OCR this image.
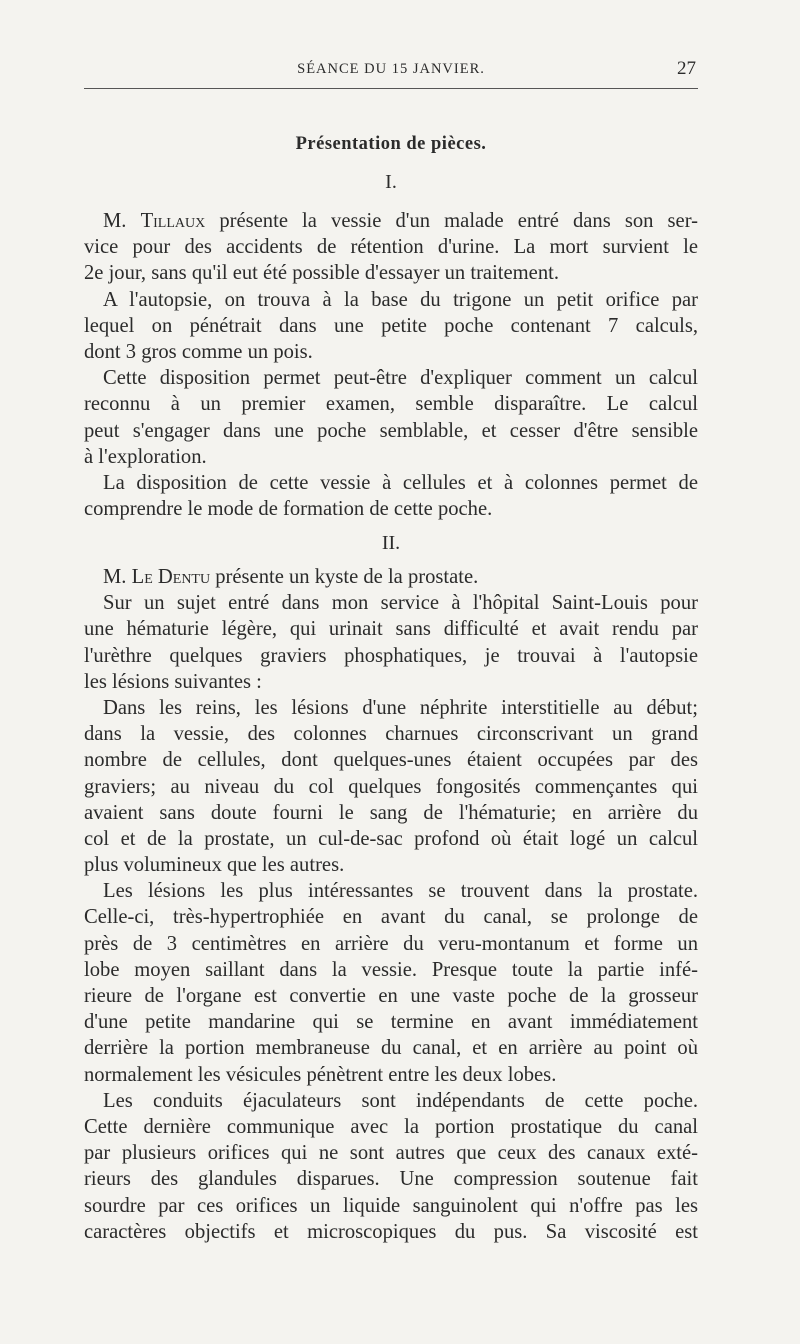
SÉANCE DU 15 JANVIER.	27
Présentation de pièces.
I.
M. Tillaux présente la vessie d'un malade entré dans son ser-
vice pour des accidents de rétention d'urine. La mort survient le
2e jour, sans qu'il eut été possible d'essayer un traitement.
A l'autopsie, on trouva à la base du trigone un petit orifice par
lequel on pénétrait dans une petite poche contenant 7 calculs,
dont 3 gros comme un pois.
Cette disposition permet peut-être d'expliquer comment un calcul
reconnu à un premier examen, semble disparaître. Le calcul
peut s'engager dans une poche semblable, et cesser d'être sensible
à l'exploration.
La disposition de cette vessie à cellules et à colonnes permet de
comprendre le mode de formation de cette poche.
II.
M. Le Dentu présente un kyste de la prostate.
Sur un sujet entré dans mon service à l'hôpital Saint-Louis pour
une hématurie légère, qui urinait sans difficulté et avait rendu par
l'urèthre quelques graviers phosphatiques, je trouvai à l'autopsie
les lésions suivantes :
Dans les reins, les lésions d'une néphrite interstitielle au début;
dans la vessie, des colonnes charnues circonscrivant un grand
nombre de cellules, dont quelques-unes étaient occupées par des
graviers; au niveau du col quelques fongosités commençantes qui
avaient sans doute fourni le sang de l'hématurie; en arrière du
col et de la prostate, un cul-de-sac profond où était logé un calcul
plus volumineux que les autres.
Les lésions les plus intéressantes se trouvent dans la prostate.
Celle-ci, très-hypertrophiée en avant du canal, se prolonge de
près de 3 centimètres en arrière du veru-montanum et forme un
lobe moyen saillant dans la vessie. Presque toute la partie infé-
rieure de l'organe est convertie en une vaste poche de la grosseur
d'une petite mandarine qui se termine en avant immédiatement
derrière la portion membraneuse du canal, et en arrière au point où
normalement les vésicules pénètrent entre les deux lobes.
Les conduits éjaculateurs sont indépendants de cette poche.
Cette dernière communique avec la portion prostatique du canal
par plusieurs orifices qui ne sont autres que ceux des canaux exté-
rieurs des glandules disparues. Une compression soutenue fait
sourdre par ces orifices un liquide sanguinolent qui n'offre pas les
caractères objectifs et microscopiques du pus. Sa viscosité est
